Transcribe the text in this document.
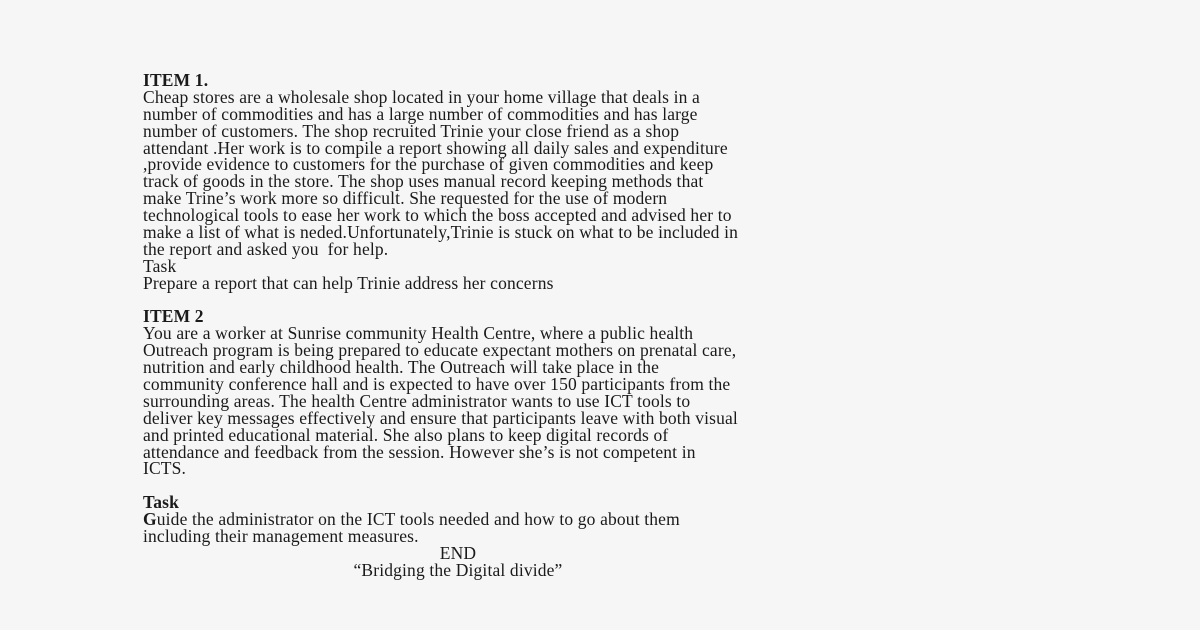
ITEM 1.
Cheap stores are a wholesale shop located in your home village that deals in a
number of commodities and has a large number of commodities and has large
number of customers. The shop recruited Trinie your close friend as a shop
attendant .Her work is to compile a report showing all daily sales and expenditure
,provide evidence to customers for the purchase of given commodities and keep
track of goods in the store. The shop uses manual record keeping methods that
make Trine’s work more so difficult. She requested for the use of modern
technological tools to ease her work to which the boss accepted and advised her to
make a list of what is neded.Unfortunately,Trinie is stuck on what to be included in
the report and asked you  for help.
Task
Prepare a report that can help Trinie address her concerns
ITEM 2
You are a worker at Sunrise community Health Centre, where a public health
Outreach program is being prepared to educate expectant mothers on prenatal care,
nutrition and early childhood health. The Outreach will take place in the
community conference hall and is expected to have over 150 participants from the
surrounding areas. The health Centre administrator wants to use ICT tools to
deliver key messages effectively and ensure that participants leave with both visual
and printed educational material. She also plans to keep digital records of
attendance and feedback from the session. However she’s is not competent in
ICTS.
Task
Guide the administrator on the ICT tools needed and how to go about them
including their management measures.
END
“Bridging the Digital divide”
